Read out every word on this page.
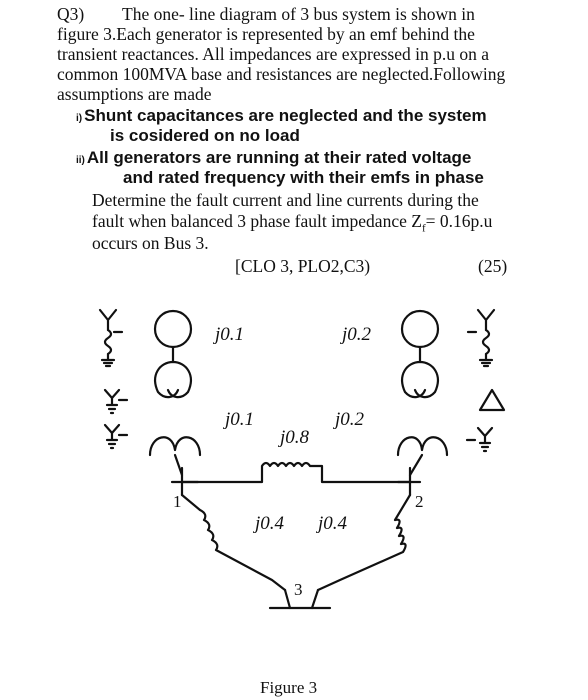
Q3) The one- line diagram of 3 bus system is shown in
figure 3.Each generator is represented by an emf behind the
transient reactances. All impedances are expressed in p.u on a
common 100MVA base and resistances are neglected.Following
assumptions are made
i) Shunt capacitances are neglected and the system
is cosidered on no load
ii) All generators are running at their rated voltage
and rated frequency with their emfs in phase
Determine the fault current and line currents during the
fault when balanced 3 phase fault impedance $Z_f= 0.16p.u$
occurs on Bus 3.
[CLO 3, PLO2,C3)	(25)
j0.1	j0.2
j0.1
j0.8
j0.2
1	2
j0.4 j0.4
3
Figure 3
